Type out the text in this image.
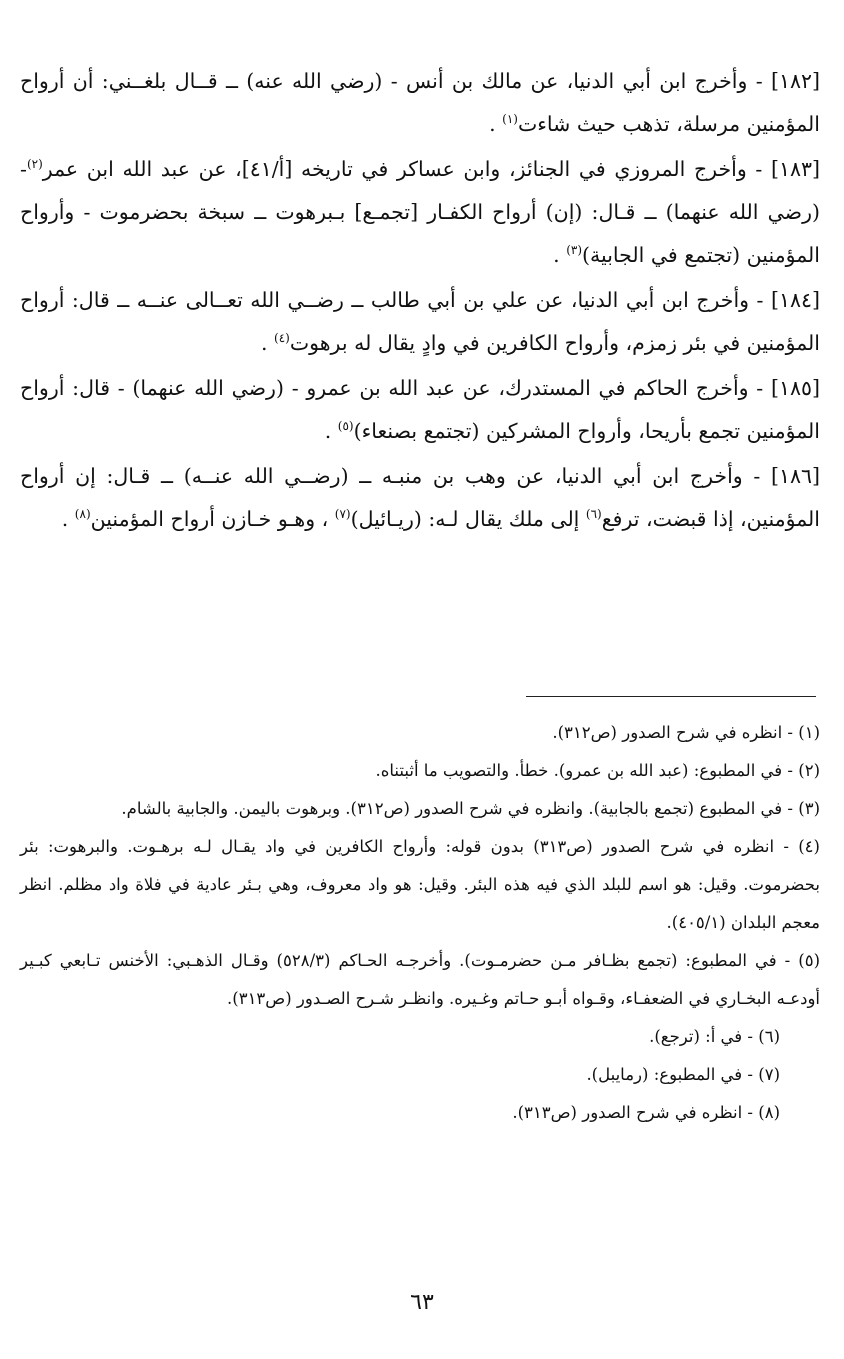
[١٨٢] - وأخرج ابن أبي الدنيا، عن مالك بن أنس - (رضي الله عنه) ــ قــال بلغــني: أن أرواح المؤمنين مرسلة، تذهب حيث شاءت$^{(١)}$ .

[١٨٣] - وأخرج المروزي في الجنائز، وابن عساكر في تاريخه [أ/٤١]، عن عبد الله ابن عمر$^{(٢)}$- (رضي الله عنهما) ــ قـال: (إن) أرواح الكفـار [تجمـع] بـبرهوت ــ سبخة بحضرموت - وأرواح المؤمنين (تجتمع في الجابية)$^{(٣)}$ .

[١٨٤] - وأخرج ابن أبي الدنيا، عن علي بن أبي طالب ــ رضــي الله تعــالى عنــه ــ قال: أرواح المؤمنين في بئر زمزم، وأرواح الكافرين في وادٍ يقال له برهوت$^{(٤)}$ .

[١٨٥] - وأخرج الحاكم في المستدرك، عن عبد الله بن عمرو - (رضي الله عنهما) - قال: أرواح المؤمنين تجمع بأريحا، وأرواح المشركين (تجتمع بصنعاء)$^{(٥)}$ .

[١٨٦] - وأخرج ابن أبي الدنيا، عن وهب بن منبـه ــ (رضــي الله عنــه) ــ قـال: إن أرواح المؤمنين، إذا قبضت، ترفع$^{(٦)}$ إلى ملك يقال لـه: (ريـائيل)$^{(٧)}$ ، وهـو خـازن أرواح المؤمنين$^{(٨)}$ .

(١) - انظره في شرح الصدور (ص٣١٢).

(٢) - في المطبوع: (عبد الله بن عمرو). خطأ. والتصويب ما أثبتناه.

(٣) - في المطبوع (تجمع بالجابية). وانظره في شرح الصدور (ص٣١٢). وبرهوت باليمن. والجابية بالشام.

(٤) - انظره في شرح الصدور (ص٣١٣) بدون قوله: وأرواح الكافرين في واد يقـال لـه برهـوت. والبرهوت: بئر بحضرموت. وقيل: هو اسم للبلد الذي فيه هذه البئر. وقيل: هو واد معروف، وهي بـئر عادية في فلاة واد مظلم. انظر معجم البلدان (٤٠٥/١).

(٥) - في المطبوع: (تجمع بظـافر مـن حضرمـوت). وأخرجـه الحـاكم (٥٢٨/٣) وقـال الذهـبي: الأخنس تـابعي كبـير أودعـه البخـاري في الضعفـاء، وقـواه أبـو حـاتم وغـيره. وانظـر شـرح الصـدور (ص٣١٣).

(٦) - في أ: (ترجع).

(٧) - في المطبوع: (رمايبل).

(٨) - انظره في شرح الصدور (ص٣١٣).

٦٣
